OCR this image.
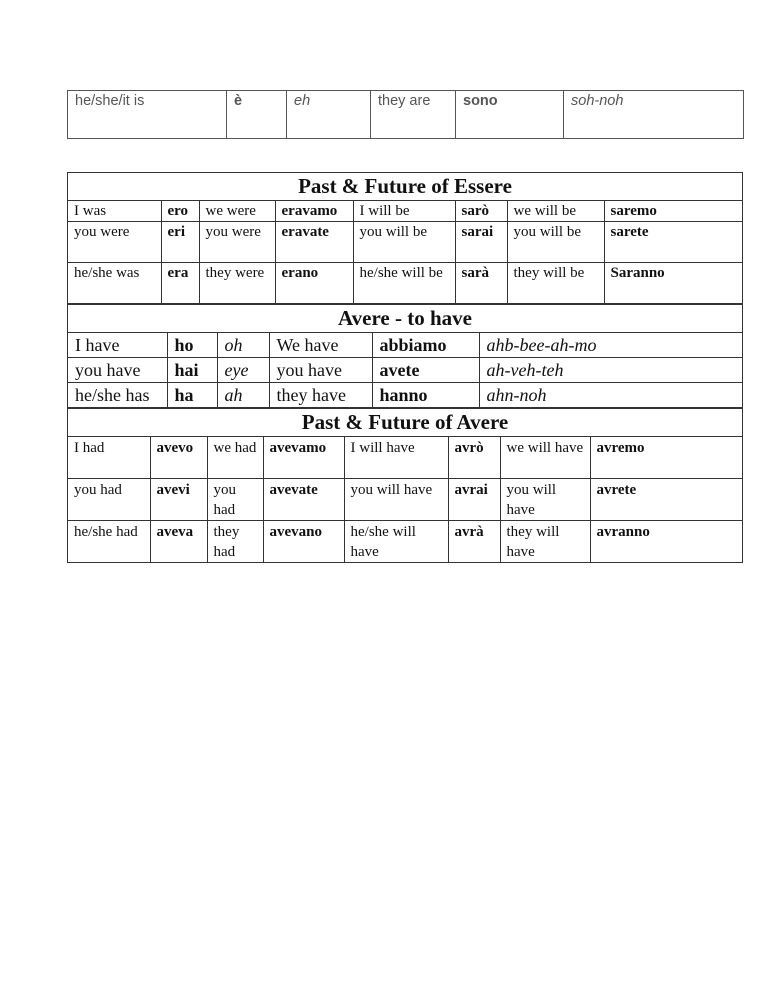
he/she/it is	è	eh	they are	sono	soh-noh
Past & Future of Essere
I was	ero	we were	eravamo	I will be	sarò	we will be	saremo
you were	eri	you were	eravate	you will be	sarai	you will be	sarete
he/she was	era	they were	erano	he/she will be	sarà	they will be	Saranno
Avere - to have
I have	ho	oh	We have	abbiamo	ahb-bee-ah-mo
you have	hai	eye	you have	avete	ah-veh-teh
he/she has	ha	ah	they have	hanno	ahn-noh
Past & Future of Avere
I had	avevo	we had	avevamo	I will have	avrò	we will have	avremo
you had	avevi	you had	avevate	you will have	avrai	you will have	avrete
he/she had	aveva	they had	avevano	he/she will have	avrà	they will have	avranno
